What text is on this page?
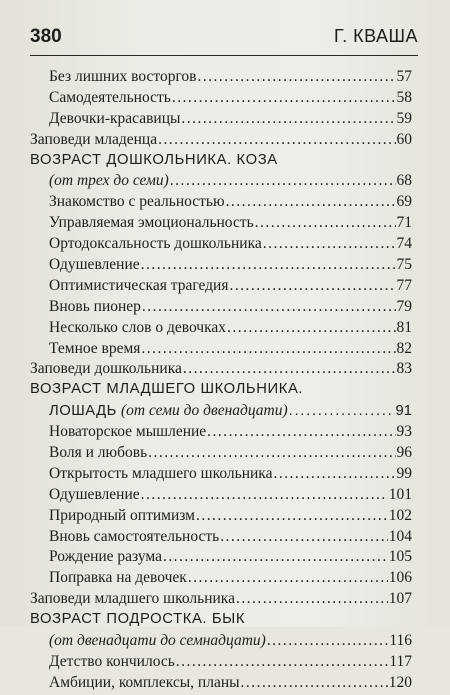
380	Г. КВАША
Без лишних восторгов . . .	57
Самодеятельность . . .	58
Девочки-красавицы . . .	59
Заповеди младенца . . .	60
ВОЗРАСТ ДОШКОЛЬНИКА. КОЗА
(от трех до семи) . . .	68
Знакомство с реальностью . . .	69
Управляемая эмоциональность . . .	71
Ортодоксальность дошкольника . . .	74
Одушевление . . .	75
Оптимистическая трагедия . . .	77
Вновь пионер . . .	79
Несколько слов о девочках . . .	81
Темное время . . .	82
Заповеди дошкольника . . .	83
ВОЗРАСТ МЛАДШЕГО ШКОЛЬНИКА.
ЛОШАДЬ (от семи до двенадцати) . . .	91
Новаторское мышление . . .	93
Воля и любовь . . .	96
Открытость младшего школьника . . .	99
Одушевление . . .	101
Природный оптимизм . . .	102
Вновь самостоятельность . . .	104
Рождение разума . . .	105
Поправка на девочек . . .	106
Заповеди младшего школьника . . .	107
ВОЗРАСТ ПОДРОСТКА. БЫК
(от двенадцати до семнадцати) . . .	116
Детство кончилось . . .	117
Амбиции, комплексы, планы . . .	120
